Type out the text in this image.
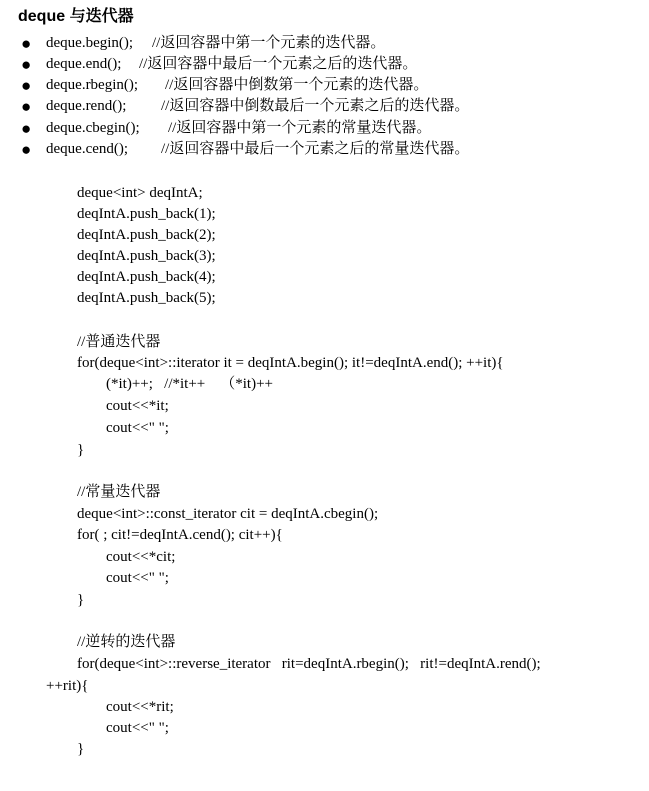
deque 与迭代器

●

deque.begin();

//返回容器中第一个元素的迭代器。

●

deque.end();

//返回容器中最后一个元素之后的迭代器。

●

deque.rbegin();

//返回容器中倒数第一个元素的迭代器。

●

deque.rend();

//返回容器中倒数最后一个元素之后的迭代器。

●

deque.cbegin();

//返回容器中第一个元素的常量迭代器。

●

deque.cend();

//返回容器中最后一个元素之后的常量迭代器。

deque<int> deqIntA;
deqIntA.push_back(1);
deqIntA.push_back(2);
deqIntA.push_back(3);
deqIntA.push_back(4);
deqIntA.push_back(5);
//普通迭代器
for(deque<int>::iterator it = deqIntA.begin(); it!=deqIntA.end(); ++it){
(*it)++;   //*it++    （*it)++
cout<<*it;
cout<<" ";
}
//常量迭代器
deque<int>::const_iterator cit = deqIntA.cbegin();
for( ; cit!=deqIntA.cend(); cit++){
cout<<*cit;
cout<<" ";
}
//逆转的迭代器
for(deque<int>::reverse_iterator   rit=deqIntA.rbegin();   rit!=deqIntA.rend();
++rit){
cout<<*rit;
cout<<" ";
}
